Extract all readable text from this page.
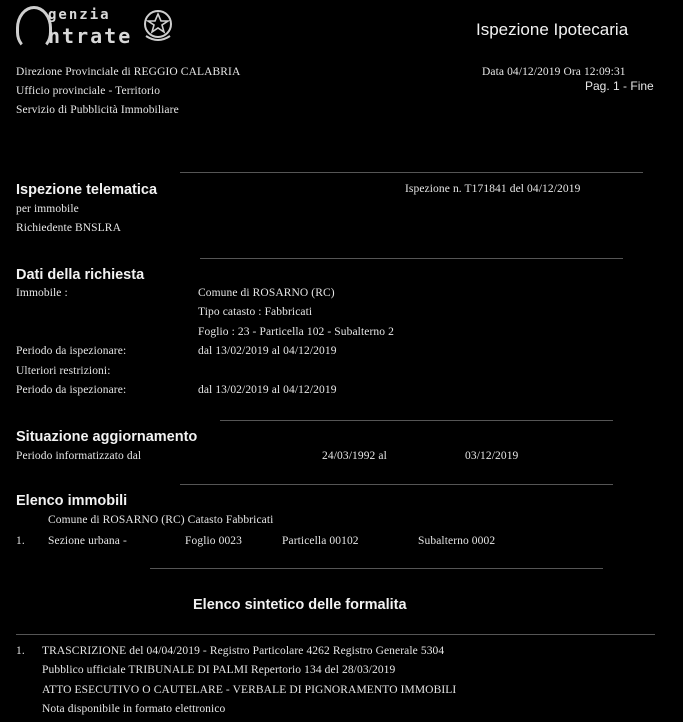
genzia
ntrate	Ispezione Ipotecaria
Direzione Provinciale di REGGIO CALABRIA
Ufficio provinciale - Territorio
Servizio di Pubblicità Immobiliare
Data 04/12/2019 Ora 12:09:31
Pag. 1 - Fine
Ispezione telematica	Ispezione n. T171841 del 04/12/2019
per immobile
Richiedente BNSLRA
Dati della richiesta
Immobile :	Comune di ROSARNO (RC)
Tipo catasto : Fabbricati
Foglio : 23 - Particella 102 - Subalterno 2
Periodo da ispezionare:	dal 13/02/2019 al 04/12/2019
Ulteriori restrizioni:
Periodo da ispezionare:	dal 13/02/2019 al 04/12/2019
Situazione aggiornamento
Periodo informatizzato dal	24/03/1992 al	03/12/2019
Elenco immobili
Comune di ROSARNO (RC) Catasto Fabbricati
1. Sezione urbana -	Foglio 0023	Particella 00102	Subalterno 0002
Elenco sintetico delle formalita
1. TRASCRIZIONE del 04/04/2019 - Registro Particolare 4262 Registro Generale 5304
Pubblico ufficiale TRIBUNALE DI PALMI Repertorio 134 del 28/03/2019
ATTO ESECUTIVO O CAUTELARE - VERBALE DI PIGNORAMENTO IMMOBILI
Nota disponibile in formato elettronico
